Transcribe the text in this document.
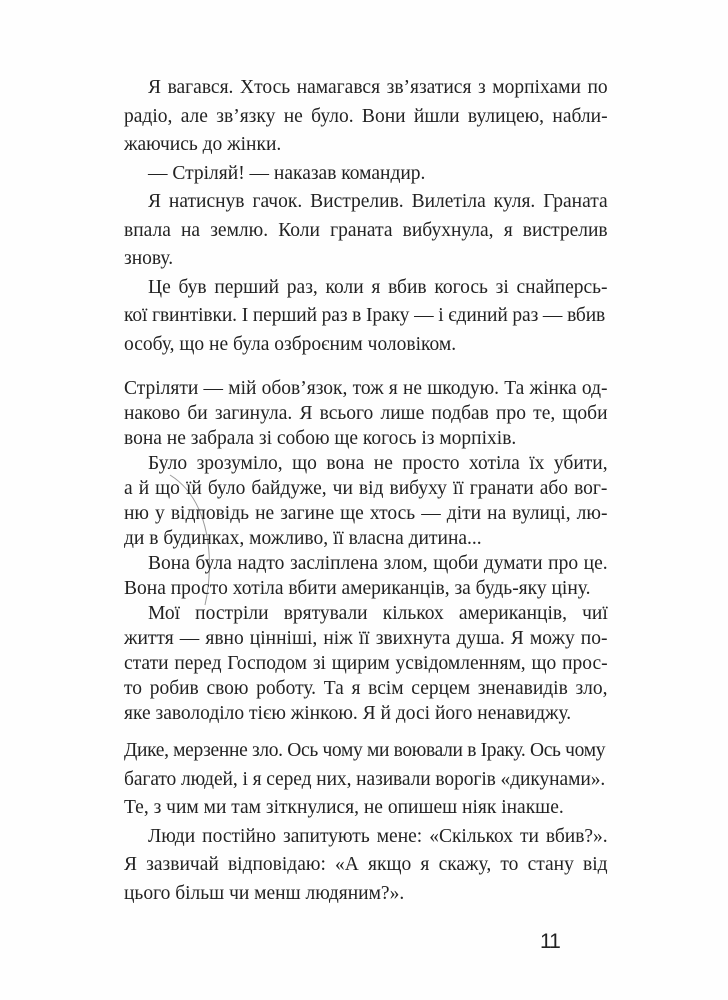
Я вагався. Хтось намагався зв’язатися з морпіхами по
радіо, але зв’язку не було. Вони йшли вулицею, набли-
жаючись до жінки.
— Стріляй! — наказав командир.
Я натиснув гачок. Вистрелив. Вилетіла куля. Граната
впала на землю. Коли граната вибухнула, я вистрелив
знову.
Це був перший раз, коли я вбив когось зі снайперсь-
кої гвинтівки. І перший раз в Іраку — і єдиний раз — вбив
особу, що не була озброєним чоловіком.
Стріляти — мій обов’язок, тож я не шкодую. Та жінка од-
наково би загинула. Я всього лише подбав про те, щоби
вона не забрала зі собою ще когось із морпіхів.
Було зрозуміло, що вона не просто хотіла їх убити,
а й що їй було байдуже, чи від вибуху її гранати або вог-
ню у відповідь не загине ще хтось — діти на вулиці, лю-
ди в будинках, можливо, її власна дитина...
Вона була надто засліплена злом, щоби думати про це.
Вона просто хотіла вбити американців, за будь-яку ціну.
Мої постріли врятували кількох американців, чиї
життя — явно цінніші, ніж її звихнута душа. Я можу по-
стати перед Господом зі щирим усвідомленням, що прос-
то робив свою роботу. Та я всім серцем зненавидів зло,
яке заволоділо тією жінкою. Я й досі його ненавиджу.
Дике, мерзенне зло. Ось чому ми воювали в Іраку. Ось чому
багато людей, і я серед них, називали ворогів «дикунами».
Те, з чим ми там зіткнулися, не опишеш ніяк інакше.
Люди постійно запитують мене: «Скількох ти вбив?».
Я зазвичай відповідаю: «А якщо я скажу, то стану від
цього більш чи менш людяним?».
11
